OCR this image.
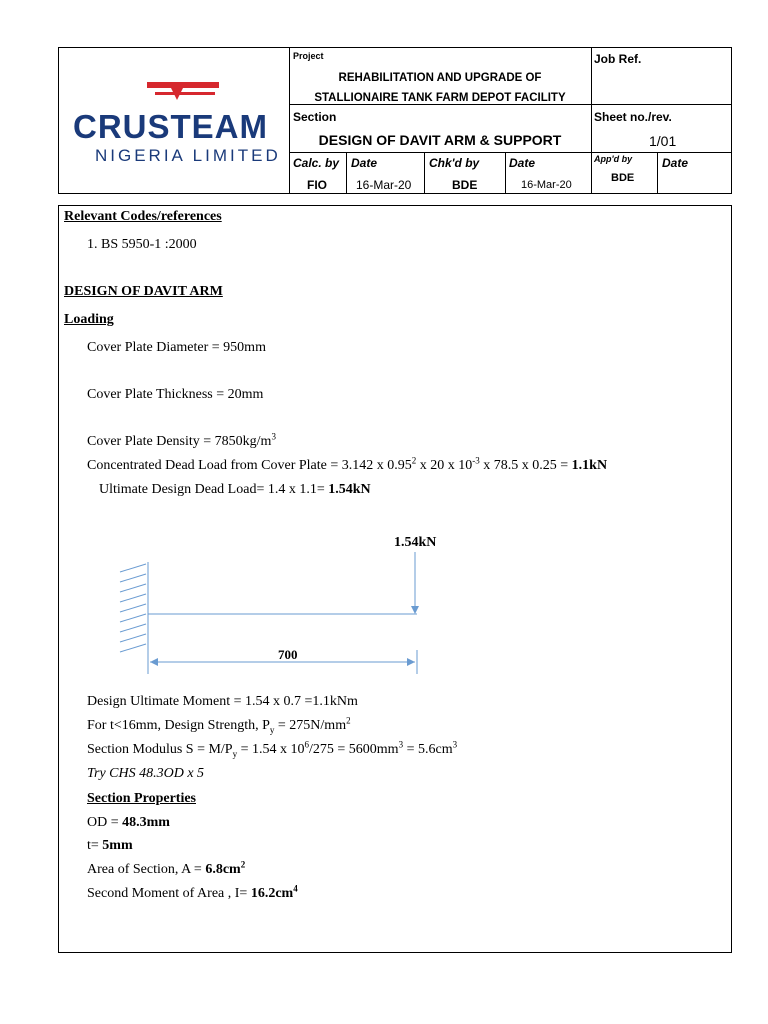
CRUSTEAM
NIGERIA LIMITED
Project
REHABILITATION AND UPGRADE OF
STALLIONAIRE TANK FARM DEPOT FACILITY
Job Ref.
Section
DESIGN OF DAVIT ARM & SUPPORT
Sheet no./rev.
1/01
Calc. by
FIO
Date
16-Mar-20
Chk'd by
BDE
Date
16-Mar-20
App'd by
BDE
Date
Relevant Codes/references
1. BS 5950-1 :2000
DESIGN OF DAVIT ARM
Loading
Cover Plate Diameter = 950mm
Cover Plate Thickness = 20mm
Cover Plate Density = $7850kg/m^3$
Concentrated Dead Load from Cover Plate = 3.142 x 0.95$^2$ x 20 x $10^{-3}$ x 78.5 x 0.25 = 1.1kN
Ultimate Design Dead Load= 1.4 x 1.1= 1.54kN
1.54kN
700
Design Ultimate Moment = 1.54 x 0.7 =1.1kNm
For t<16mm, Design Strength, $P_y = 275N/mm^2$
Section Modulus $S = M/P_y = 1.54$ x $10^6/275 = 5600mm^3 = 5.6cm^3$
Try CHS 48.3OD x 5
Section Properties
OD = 48.3mm
t= 5mm
Area of Section, $A = 6.8cm^2$
Second Moment of Area , $I= 16.2cm^4$
